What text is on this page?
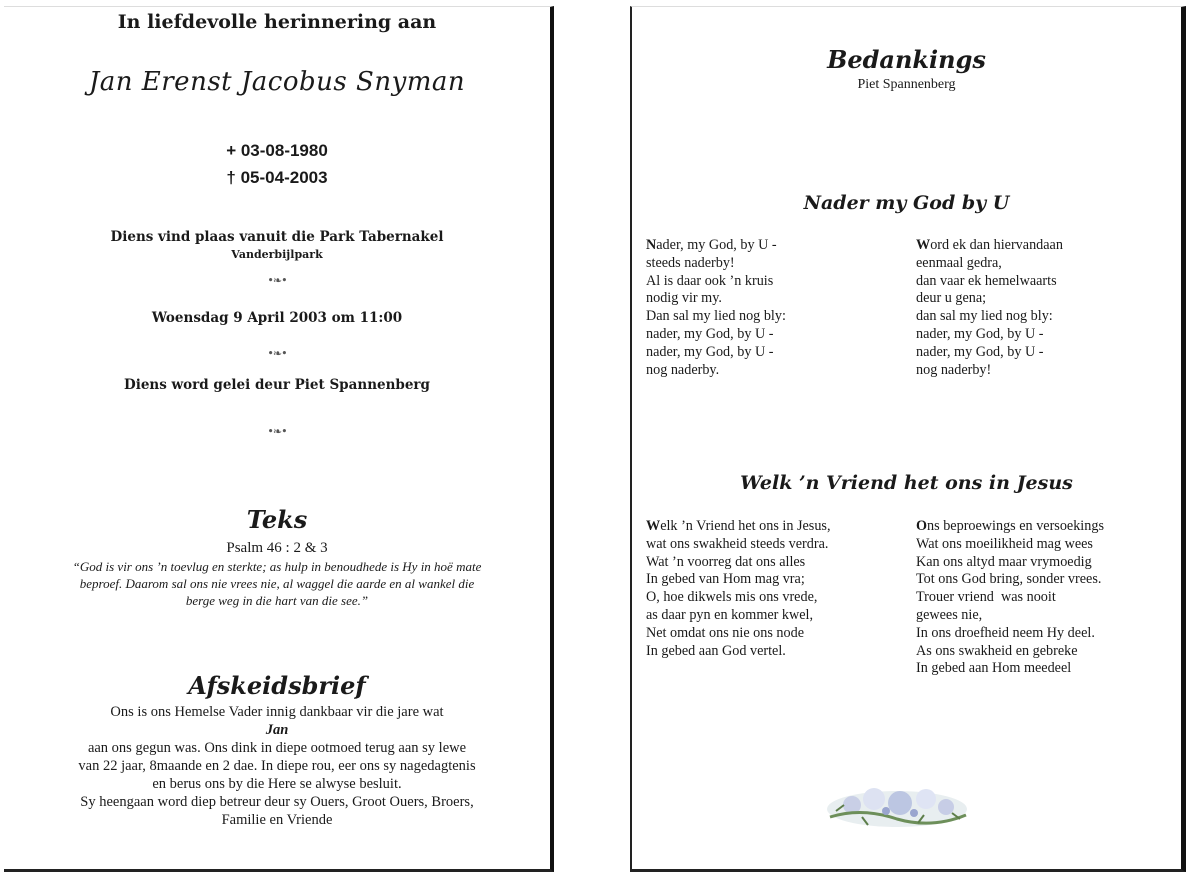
In liefdevolle herinnering aan
Jan Erenst Jacobus Snyman
+ 03-08-1980
† 05-04-2003
Diens vind plaas vanuit die Park Tabernakel
Vanderbijlpark
•❧•
Woensdag 9 April 2003 om 11:00
•❧•
Diens word gelei deur Piet Spannenberg
•❧•
Teks
Psalm 46 : 2 & 3
“God is vir ons ’n toevlug en sterkte; as hulp in benoudhede is Hy in hoë mate
beproef. Daarom sal ons nie vrees nie, al waggel die aarde en al wankel die
berge weg in die hart van die see.”
Afskeidsbrief
Ons is ons Hemelse Vader innig dankbaar vir die jare wat
Jan
aan ons gegun was. Ons dink in diepe ootmoed terug aan sy lewe
van 22 jaar, 8maande en 2 dae. In diepe rou, eer ons sy nagedagtenis
en berus ons by die Here se alwyse besluit.
Sy heengaan word diep betreur deur sy Ouers, Groot Ouers, Broers,
Familie en Vriende
Bedankings
Piet Spannenberg
Nader my God by U
Nader, my God, by U -
steeds naderby!
Al is daar ook ’n kruis
nodig vir my.
Dan sal my lied nog bly:
nader, my God, by U -
nader, my God, by U -
nog naderby.
Word ek dan hiervandaan
eenmaal gedra,
dan vaar ek hemelwaarts
deur u gena;
dan sal my lied nog bly:
nader, my God, by U -
nader, my God, by U -
nog naderby!
Welk ’n Vriend het ons in Jesus
Welk ’n Vriend het ons in Jesus,
wat ons swakheid steeds verdra.
Wat ’n voorreg dat ons alles
In gebed van Hom mag vra;
O, hoe dikwels mis ons vrede,
as daar pyn en kommer kwel,
Net omdat ons nie ons node
In gebed aan God vertel.
Ons beproewings en versoekings
Wat ons moeilikheid mag wees
Kan ons altyd maar vrymoedig
Tot ons God bring, sonder vrees.
Trouer vriend  was nooit
gewees nie,
In ons droefheid neem Hy deel.
As ons swakheid en gebreke
In gebed aan Hom meedeel
